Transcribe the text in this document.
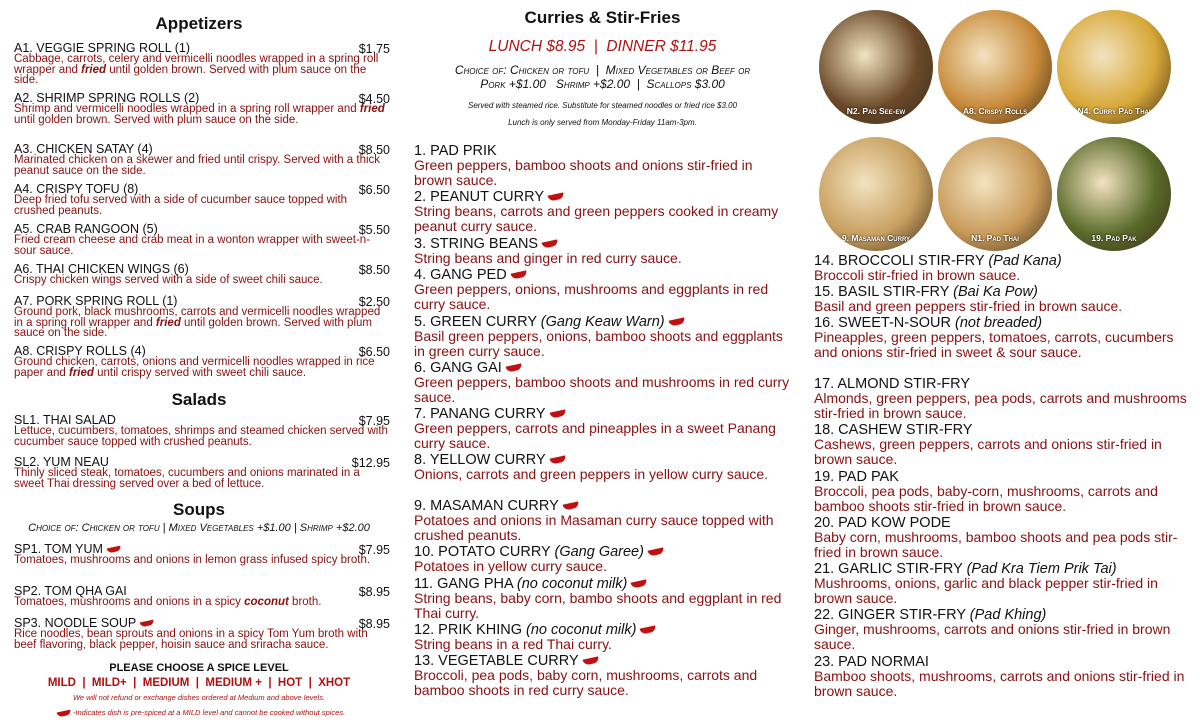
Appetizers
A1. VEGGIE SPRING ROLL (1)	$1.75
Cabbage, carrots, celery and vermicelli noodles wrapped in a spring roll wrapper and fried until golden brown. Served with plum sauce on the side.
A2. SHRIMP SPRING ROLLS (2)	$4.50
Shrimp and vermicelli noodles wrapped in a spring roll wrapper and fried until golden brown. Served with plum sauce on the side.
A3. CHICKEN SATAY (4)	$8.50
Marinated chicken on a skewer and fried until crispy. Served with a thick peanut sauce on the side.
A4. CRISPY TOFU (8)	$6.50
Deep fried tofu served with a side of cucumber sauce topped with crushed peanuts.
A5. CRAB RANGOON (5)	$5.50
Fried cream cheese and crab meat in a wonton wrapper with sweet-n-sour sauce.
A6. THAI CHICKEN WINGS (6)	$8.50
Crispy chicken wings served with a side of sweet chili sauce.
A7. PORK SPRING ROLL (1)	$2.50
Ground pork, black mushrooms, carrots and vermicelli noodles wrapped in a spring roll wrapper and fried until golden brown. Served with plum sauce on the side.
A8. CRISPY ROLLS (4)	$6.50
Ground chicken, carrots, onions and vermicelli noodles wrapped in rice paper and fried until crispy served with sweet chili sauce.
Salads
SL1. THAI SALAD	$7.95
Lettuce, cucumbers, tomatoes, shrimps and steamed chicken served with cucumber sauce topped with crushed peanuts.
SL2. YUM NEAU	$12.95
Thinly sliced steak, tomatoes, cucumbers and onions marinated in a sweet Thai dressing served over a bed of lettuce.
Soups
Choice of: Chicken or tofu | Mixed Vegetables +$1.00 | Shrimp +$2.00
SP1. TOM YUM	$7.95
Tomatoes, mushrooms and onions in lemon grass infused spicy broth.
SP2. TOM QHA GAI	$8.95
Tomatoes, mushrooms and onions in a spicy coconut broth.
SP3. NOODLE SOUP	$8.95
Rice noodles, bean sprouts and onions in a spicy Tom Yum broth with beef flavoring, black pepper, hoisin sauce and sriracha sauce.
PLEASE CHOOSE A SPICE LEVEL
MILD  |  MILD+  |  MEDIUM  |  MEDIUM +  |  HOT  |  XHOT
We will not refund or exchange dishes ordered at Medium and above levels.
-Indicates dish is pre-spiced at a MILD level and cannot be cooked without spices.
Curries & Stir-Fries
LUNCH $8.95  |  DINNER $11.95
Choice of: Chicken or tofu  |  Mixed Vegetables or Beef or
Pork +$1.00   Shrimp +$2.00  |  Scallops $3.00
Served with steamed rice. Substitute for steamed noodles or fried rice $3.00
Lunch is only served from Monday-Friday 11am-3pm.
1. PAD PRIK
Green peppers, bamboo shoots and onions stir-fried in brown sauce.
2. PEANUT CURRY
String beans, carrots and green peppers cooked in creamy peanut curry sauce.
3. STRING BEANS
String beans and ginger in red curry sauce.
4. GANG PED
Green peppers, onions, mushrooms and eggplants in red curry sauce.
5. GREEN CURRY (Gang Keaw Warn)
Basil green peppers, onions, bamboo shoots and eggplants in green curry sauce.
6. GANG GAI
Green peppers, bamboo shoots and mushrooms in red curry sauce.
7. PANANG CURRY
Green peppers, carrots and pineapples in a sweet Panang curry sauce.
8. YELLOW CURRY
Onions, carrots and green peppers in yellow curry sauce.
9. MASAMAN CURRY
Potatoes and onions in Masaman curry sauce topped with crushed peanuts.
10. POTATO CURRY (Gang Garee)
Potatoes in yellow curry sauce.
11. GANG PHA (no coconut milk)
String beans, baby corn, bambo shoots and eggplant in red Thai curry.
12. PRIK KHING (no coconut milk)
String beans in a red Thai curry.
13. VEGETABLE CURRY
Broccoli, pea pods, baby corn, mushrooms, carrots and bamboo shoots in red curry sauce.
N2. Pad See-ew	A8. Crispy Rolls	N4. Curry Pad Thai
9. Masaman Curry	N1. Pad Thai	19. Pad Pak
14. BROCCOLI STIR-FRY (Pad Kana)
Broccoli stir-fried in brown sauce.
15. BASIL STIR-FRY (Bai Ka Pow)
Basil and green peppers stir-fried in brown sauce.
16. SWEET-N-SOUR (not breaded)
Pineapples, green peppers, tomatoes, carrots, cucumbers and onions stir-fried in sweet & sour sauce.
17. ALMOND STIR-FRY
Almonds, green peppers, pea pods, carrots and mushrooms stir-fried in brown sauce.
18. CASHEW STIR-FRY
Cashews, green peppers, carrots and onions stir-fried in brown sauce.
19. PAD PAK
Broccoli, pea pods, baby-corn, mushrooms, carrots and bamboo shoots stir-fried in brown sauce.
20. PAD KOW PODE
Baby corn, mushrooms, bamboo shoots and pea pods stir-fried in brown sauce.
21. GARLIC STIR-FRY (Pad Kra Tiem Prik Tai)
Mushrooms, onions, garlic and black pepper stir-fried in brown sauce.
22. GINGER STIR-FRY (Pad Khing)
Ginger, mushrooms, carrots and onions stir-fried in brown sauce.
23. PAD NORMAI
Bamboo shoots, mushrooms, carrots and onions stir-fried in brown sauce.
